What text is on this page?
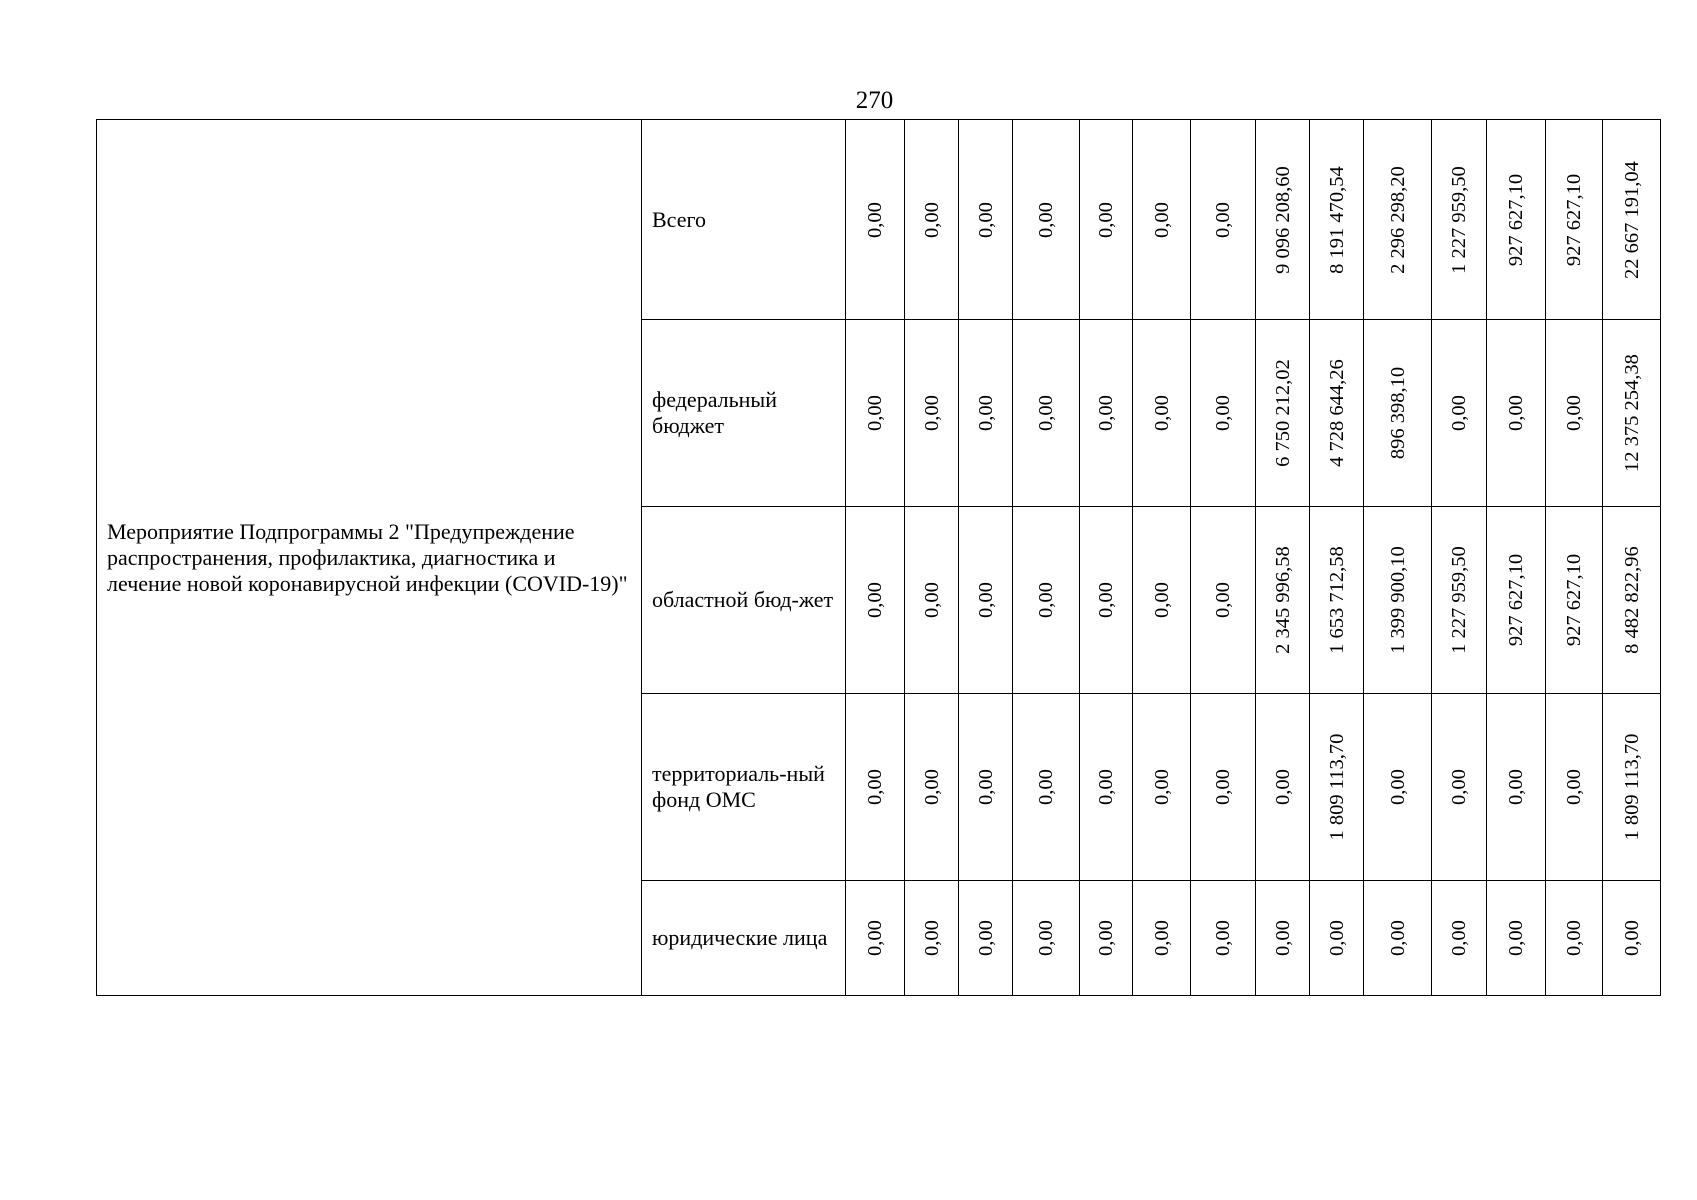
270
Мероприятие Подпрограммы 2 "Предупреждение распространения, профилактика, диагностика и лечение новой коронавирусной инфекции (COVID-19)"	Всего	0,00	0,00	0,00	0,00	0,00	0,00	0,00	9 096 208,60	8 191 470,54	2 296 298,20	1 227 959,50	927 627,10	927 627,10	22 667 191,04

	федеральный бюджет	0,00	0,00	0,00	0,00	0,00	0,00	0,00	6 750 212,02	4 728 644,26	896 398,10	0,00	0,00	0,00	12 375 254,38

	областной бюд-жет	0,00	0,00	0,00	0,00	0,00	0,00	0,00	2 345 996,58	1 653 712,58	1 399 900,10	1 227 959,50	927 627,10	927 627,10	8 482 822,96

	территориаль-ный фонд ОМС	0,00	0,00	0,00	0,00	0,00	0,00	0,00	0,00	1 809 113,70	0,00	0,00	0,00	0,00	1 809 113,70

	юридические лица	0,00	0,00	0,00	0,00	0,00	0,00	0,00	0,00	0,00	0,00	0,00	0,00	0,00	0,00
